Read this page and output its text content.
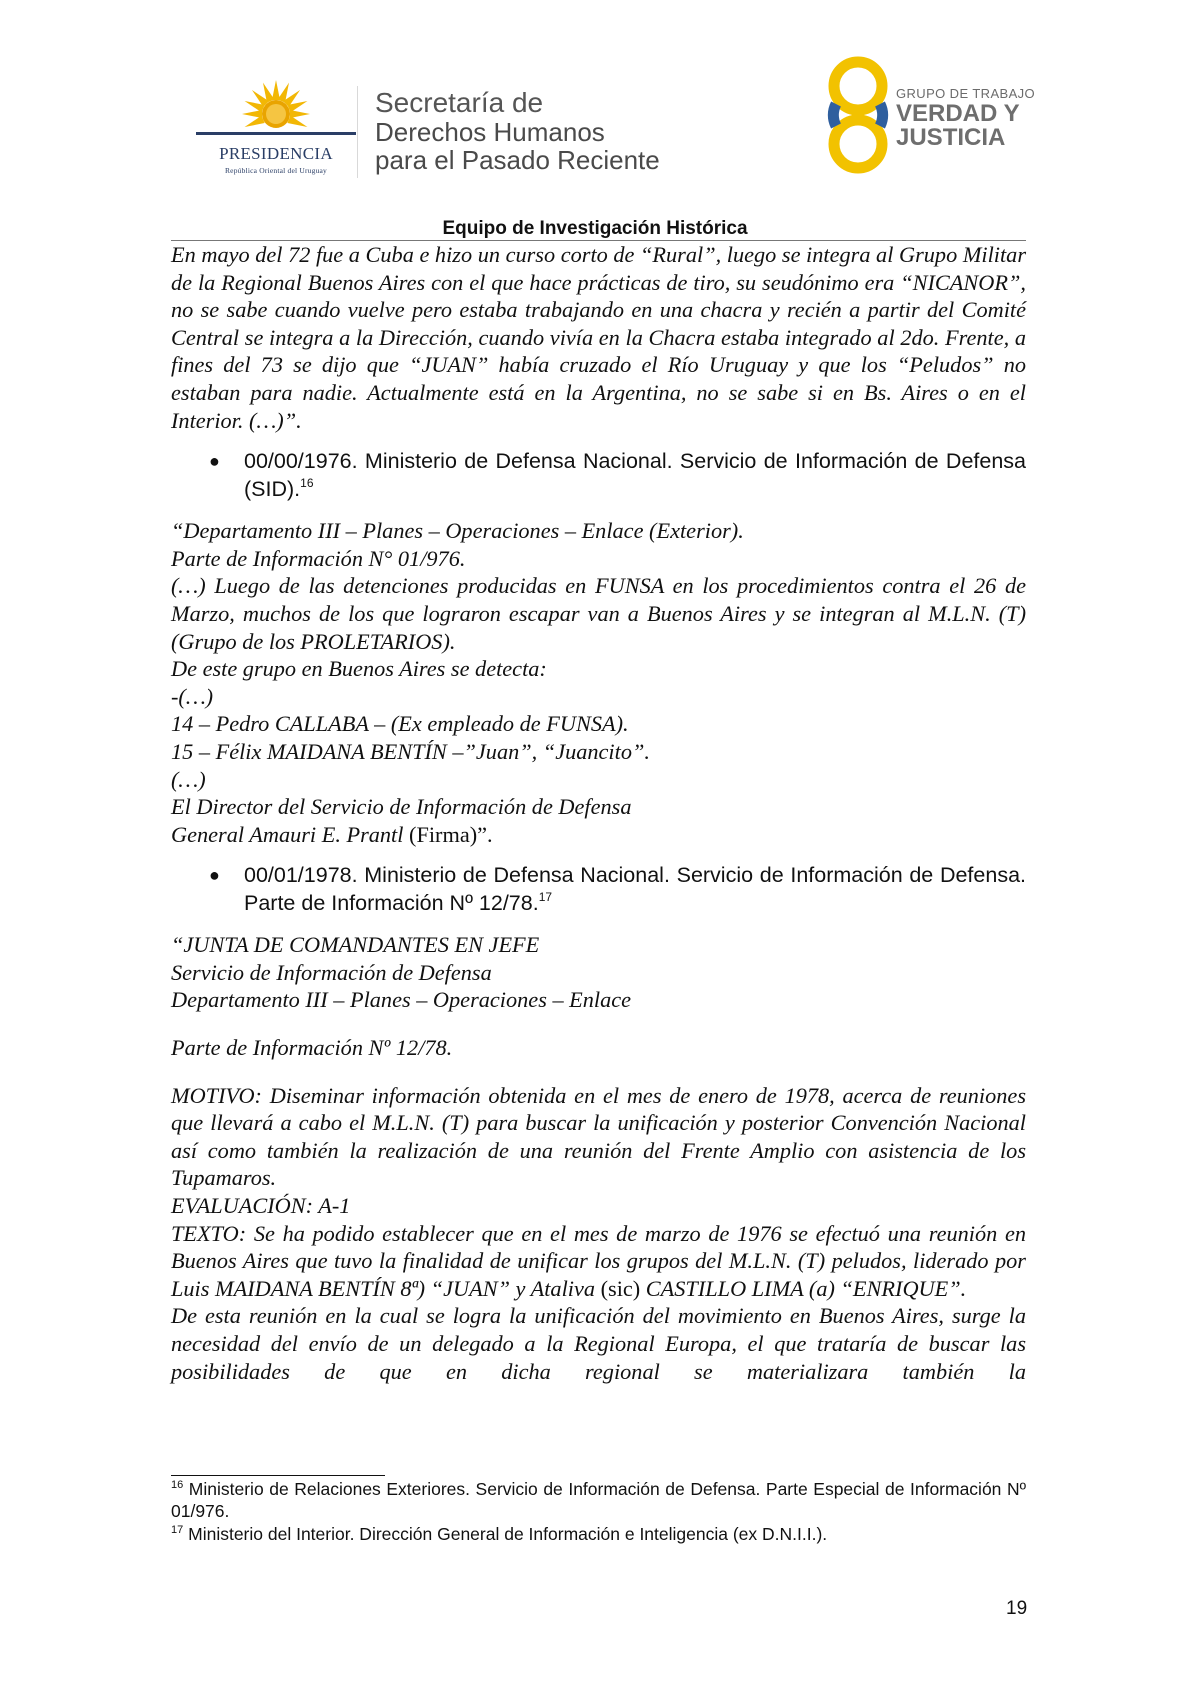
PRESIDENCIA
República Oriental del Uruguay
Secretaría de
Derechos Humanos
para el Pasado Reciente
GRUPO DE TRABAJO
VERDAD Y
JUSTICIA
Equipo de Investigación Histórica

En mayo del 72 fue a Cuba e hizo un curso corto de “Rural”, luego se integra al Grupo Militar de la Regional Buenos Aires con el que hace prácticas de tiro, su seudónimo era “NICANOR”, no se sabe cuando vuelve pero estaba trabajando en una chacra y recién a partir del Comité Central se integra a la Dirección, cuando vivía en la Chacra estaba integrado al 2do. Frente, a fines del 73 se dijo que “JUAN” había cruzado el Río Uruguay y que los “Peludos” no estaban para nadie. Actualmente está en la Argentina, no se sabe si en Bs. Aires o en el Interior. (…)”.

● 00/00/1976. Ministerio de Defensa Nacional. Servicio de Información de Defensa (SID).$^{16}$

“Departamento III – Planes – Operaciones – Enlace (Exterior).

Parte de Información N° 01/976.

(…) Luego de las detenciones producidas en FUNSA en los procedimientos contra el 26 de Marzo, muchos de los que lograron escapar van a Buenos Aires y se integran al M.L.N. (T) (Grupo de los PROLETARIOS).

De este grupo en Buenos Aires se detecta:

-(…)

14 – Pedro CALLABA – (Ex empleado de FUNSA).

15 – Félix MAIDANA BENTÍN –”Juan”, “Juancito”.

(…)

El Director del Servicio de Información de Defensa

General Amauri E. Prantl (Firma)”.

● 00/01/1978. Ministerio de Defensa Nacional. Servicio de Información de Defensa. Parte de Información Nº 12/78.17

“JUNTA DE COMANDANTES EN JEFE

Servicio de Información de Defensa

Departamento III – Planes – Operaciones – Enlace

Parte de Información Nº 12/78.

MOTIVO: Diseminar información obtenida en el mes de enero de 1978, acerca de reuniones que llevará a cabo el M.L.N. (T) para buscar la unificación y posterior Convención Nacional así como también la realización de una reunión del Frente Amplio con asistencia de los Tupamaros.

EVALUACIÓN: A-1

TEXTO: Se ha podido establecer que en el mes de marzo de 1976 se efectuó una reunión en Buenos Aires que tuvo la finalidad de unificar los grupos del M.L.N. (T) peludos, liderado por Luis MAIDANA BENTÍN 8ª) “JUAN” y Ataliva (sic) CASTILLO LIMA (a) “ENRIQUE”.

De esta reunión en la cual se logra la unificación del movimiento en Buenos Aires, surge la necesidad del envío de un delegado a la Regional Europa, el que trataría de buscar las posibilidades de que en dicha regional se materializara también la

$^{16}$ Ministerio de Relaciones Exteriores. Servicio de Información de Defensa. Parte Especial de Información Nº 01/976.
$^{17}$ Ministerio del Interior. Dirección General de Información e Inteligencia (ex D.N.I.I.).
19
